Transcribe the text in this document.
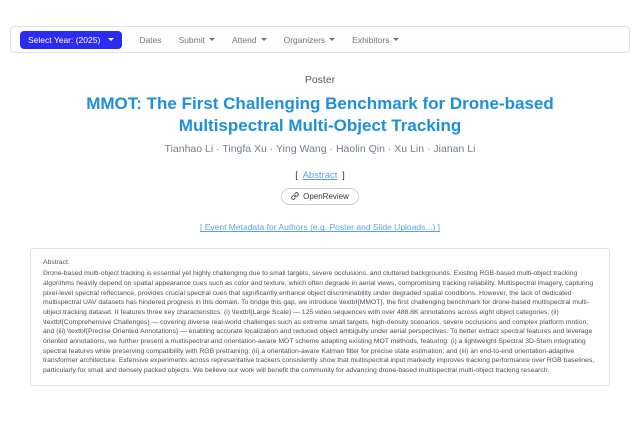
Select Year: (2025)	Dates Submit	Attend	Organizers	Exhibitors
Poster
MMOT: The First Challenging Benchmark for Drone-based Multispectral Multi-Object Tracking
Tianhao Li · Tingfa Xu · Ying Wang · Haolin Qin · Xu Lin · Jianan Li
[ Abstract ]
OpenReview
[ Event Metadata for Authors (e.g. Poster and Slide Uploads...) ]
Abstract:
Drone-based multi-object tracking is essential yet highly challenging due to small targets, severe occlusions, and cluttered backgrounds. Existing RGB-based multi-object tracking algorithms heavily depend on spatial appearance cues such as color and texture, which often degrade in aerial views, compromising tracking reliability. Multispectral imagery, capturing pixel-level spectral reflectance, provides crucial spectral cues that significantly enhance object discriminability under degraded spatial conditions. However, the lack of dedicated multispectral UAV datasets has hindered progress in this domain. To bridge this gap, we introduce \textbf{MMOT}, the first challenging benchmark for drone-based multispectral multi-object tracking dataset. It features three key characteristics: (i) \textbf{Large Scale} — 125 video sequences with over 488.8K annotations across eight object categories; (ii) \textbf{Comprehensive Challenges} — covering diverse real-world challenges such as extreme small targets, high-density scenarios, severe occlusions and complex platform motion; and (iii) \textbf{Precise Oriented Annotations} — enabling accurate localization and reduced object ambiguity under aerial perspectives. To better extract spectral features and leverage oriented annotations, we further present a multispectral and orientation-aware MOT scheme adapting existing MOT methods, featuring: (i) a lightweight Spectral 3D-Stem integrating spectral features while preserving compatibility with RGB pretraining; (ii) a orientation-aware Kalman filter for precise state estimation; and (iii) an end-to-end orientation-adaptive transformer architecture. Extensive experiments across representative trackers consistently show that multispectral input markedly improves tracking performance over RGB baselines, particularly for small and densely packed objects. We believe our work will benefit the community for advancing drone-based multispectral multi-object tracking research.
